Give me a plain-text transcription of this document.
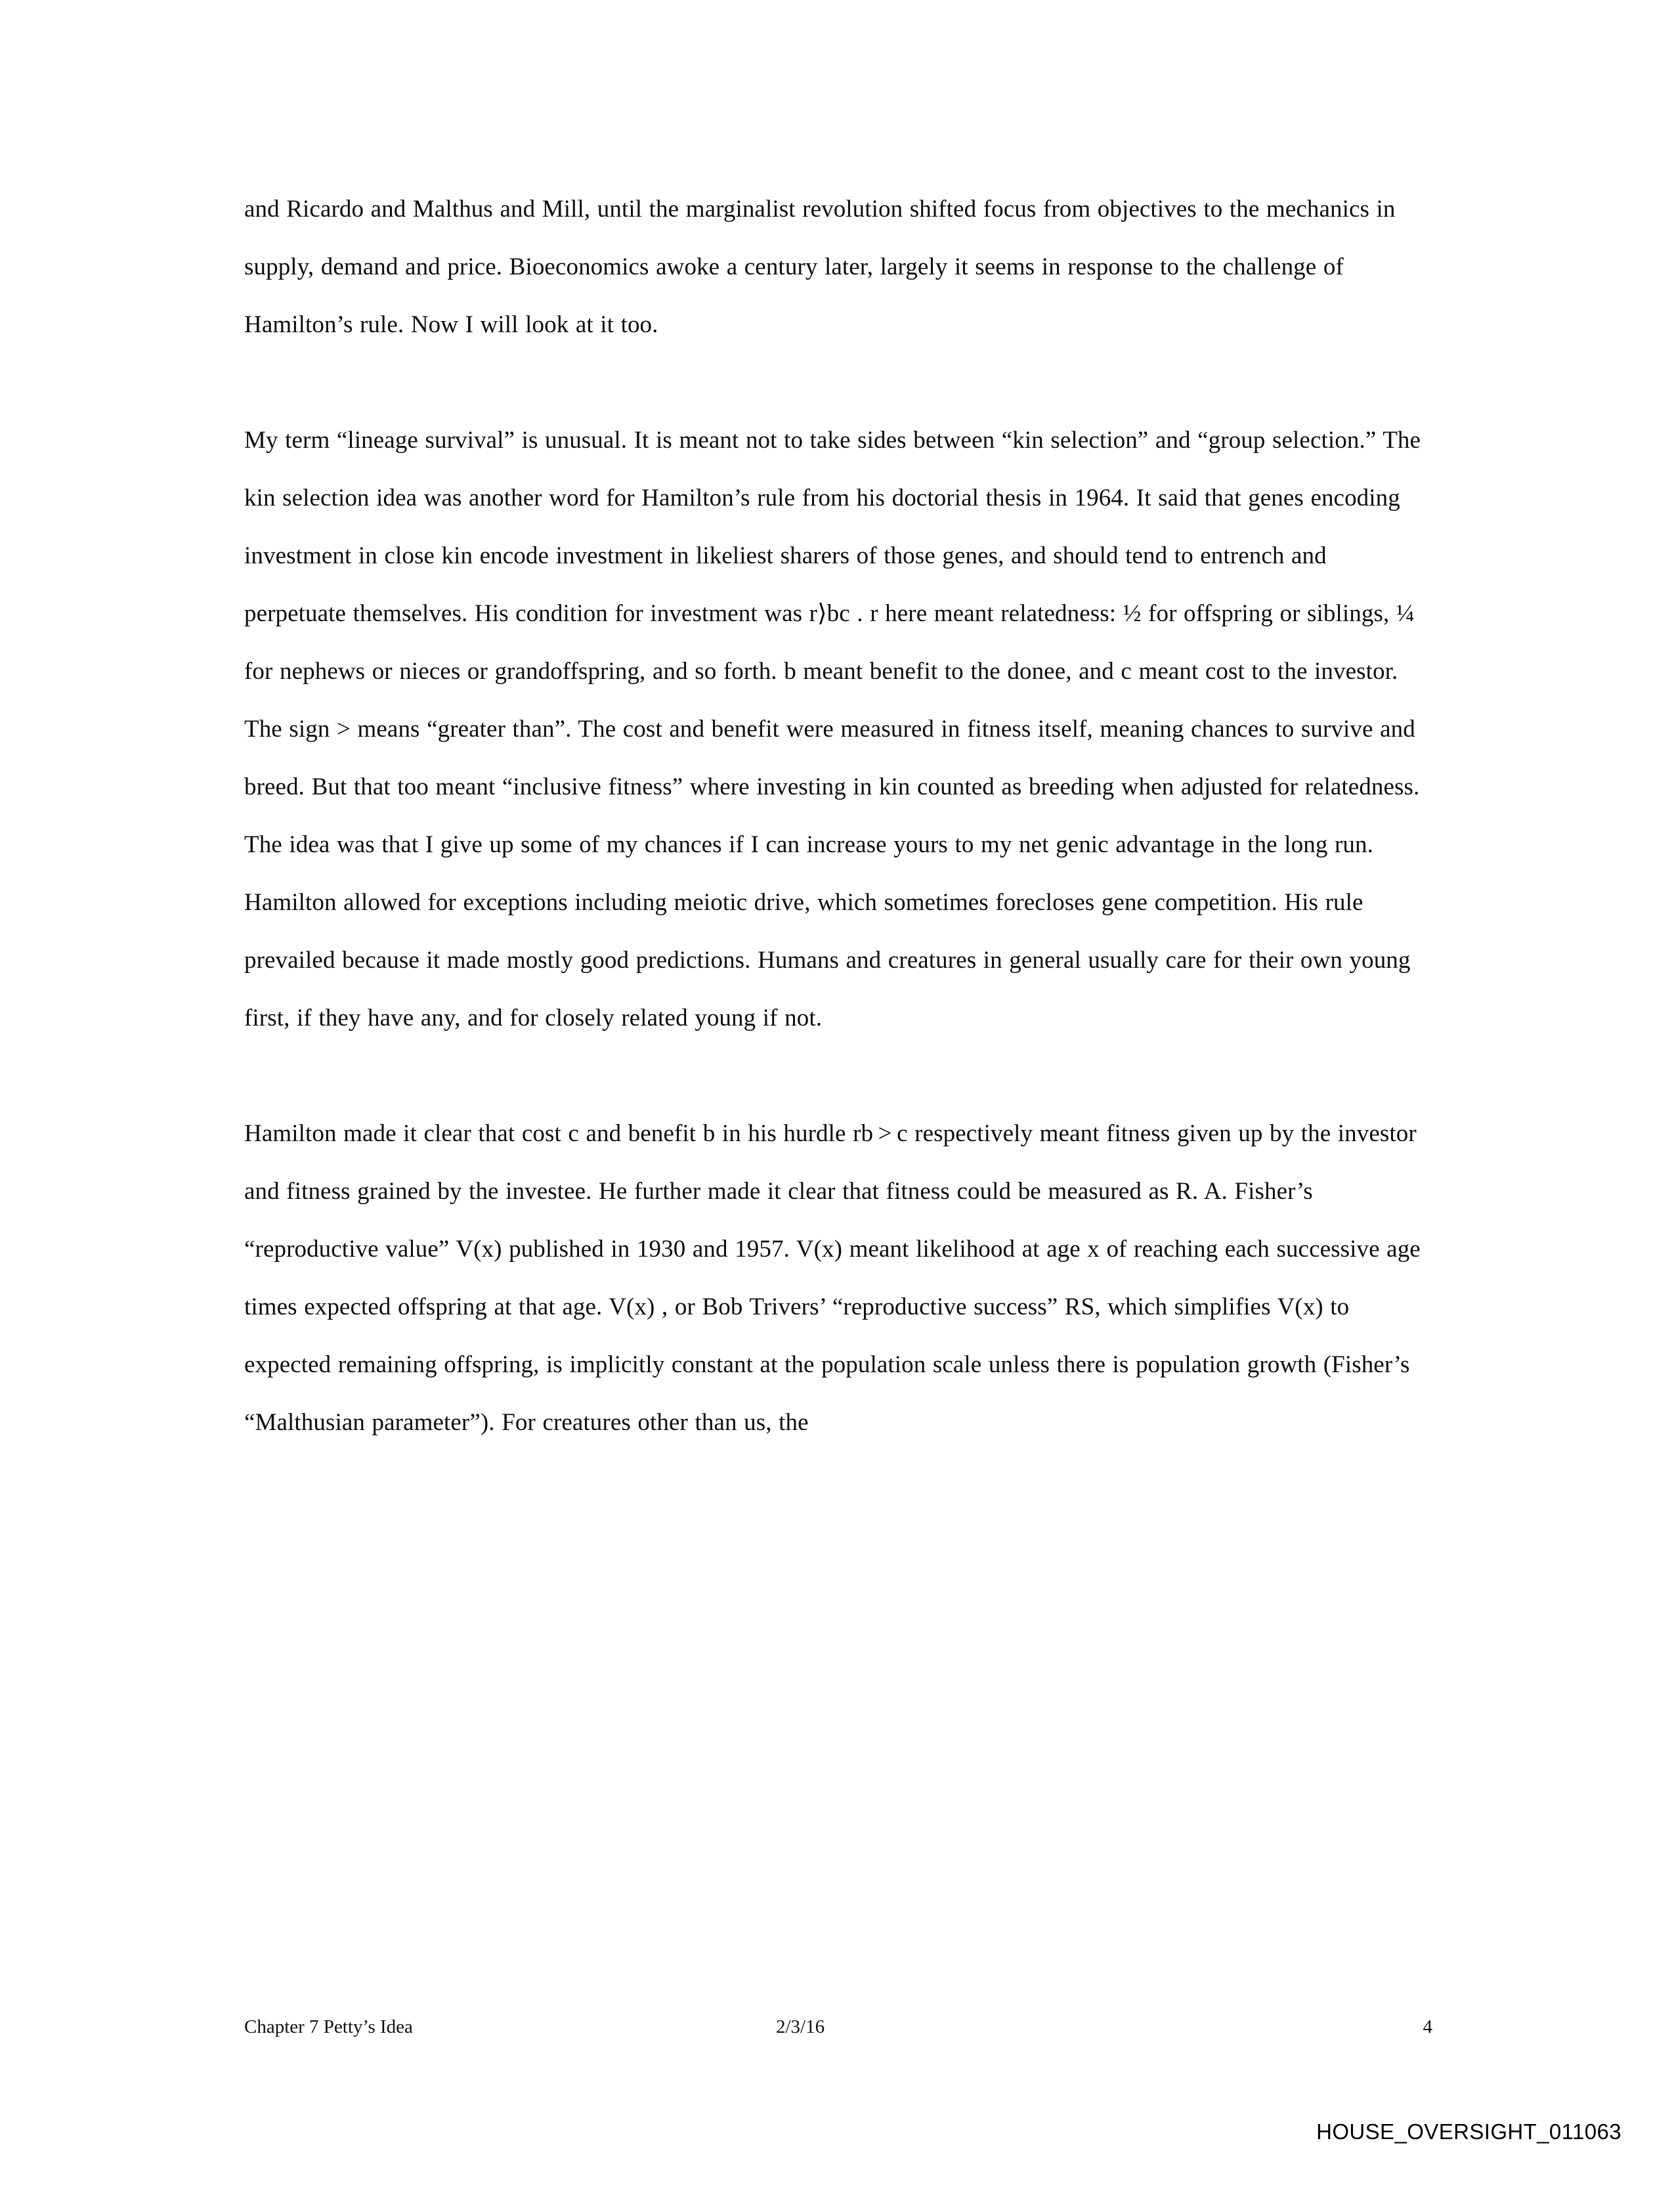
and Ricardo and Malthus and Mill, until the marginalist revolution shifted focus from objectives to the mechanics in supply, demand and price. Bioeconomics awoke a century later, largely it seems in response to the challenge of Hamilton’s rule. Now I will look at it too.

My term “lineage survival” is unusual. It is meant not to take sides between “kin selection” and “group selection.” The kin selection idea was another word for Hamilton’s rule from his doctorial thesis in 1964. It said that genes encoding investment in close kin encode investment in likeliest sharers of those genes, and should tend to entrench and perpetuate themselves. His condition for investment was r⟩bc . r here meant relatedness: ½ for offspring or siblings, ¼ for nephews or nieces or grandoffspring, and so forth. b meant benefit to the donee, and c meant cost to the investor. The sign > means “greater than”. The cost and benefit were measured in fitness itself, meaning chances to survive and breed. But that too meant “inclusive fitness” where investing in kin counted as breeding when adjusted for relatedness. The idea was that I give up some of my chances if I can increase yours to my net genic advantage in the long run. Hamilton allowed for exceptions including meiotic drive, which sometimes forecloses gene competition. His rule prevailed because it made mostly good predictions. Humans and creatures in general usually care for their own young first, if they have any, and for closely related young if not.

Hamilton made it clear that cost c and benefit b in his hurdle rb > c respectively meant fitness given up by the investor and fitness grained by the investee. He further made it clear that fitness could be measured as R. A. Fisher’s “reproductive value” V(x) published in 1930 and 1957. V(x) meant likelihood at age x of reaching each successive age times expected offspring at that age. V(x) , or Bob Trivers’ “reproductive success” RS, which simplifies V(x) to expected remaining offspring, is implicitly constant at the population scale unless there is population growth (Fisher’s “Malthusian parameter”). For creatures other than us, the

Chapter 7 Petty’s Idea	2/3/16	4
HOUSE_OVERSIGHT_011063
